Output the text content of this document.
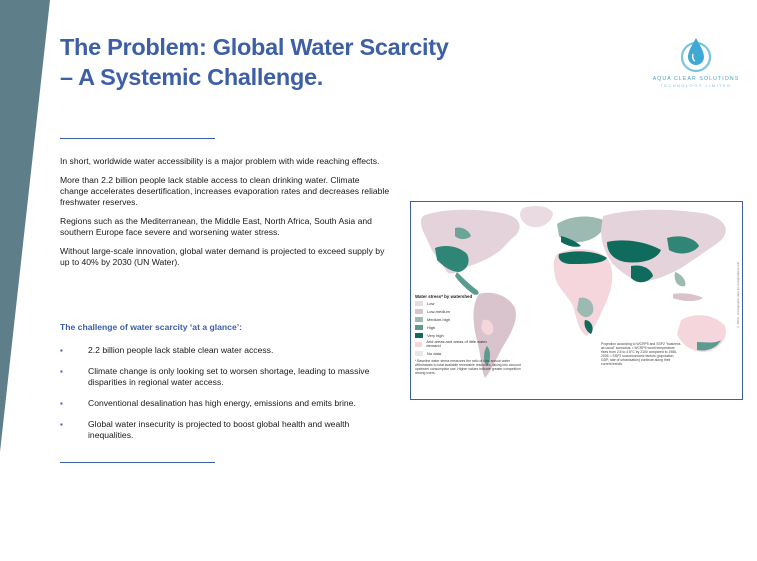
The Problem: Global Water Scarcity
– A Systemic Challenge.	AQUA CLEAR SOLUTIONS
TECHNOLOGY LIMITED

In short, worldwide water accessibility is a major problem with wide reaching effects.

More than 2.2 billion people lack stable access to clean drinking water. Climate change accelerates desertification, increases evaporation rates and decreases reliable freshwater reserves.

Regions such as the Mediterranean, the Middle East, North Africa, South Asia and southern Europe face severe and worsening water stress.

Without large-scale innovation, global water demand is projected to exceed supply by up to 40% by 2030 (UN Water).

The challenge of water scarcity ‘at a glance’:
▪	2.2 billion people lack stable clean water access.
▪	Climate change is only looking set to worsen shortage, leading to massive disparities in regional water access.
▪	Conventional desalination has high energy, emissions and emits brine.
▪	Global water insecurity is projected to boost global health and wealth inequalities.
Water stress* by watershed
Low
Low-medium
Medium-high
High
Very high
Arid areas and areas of little water demand
No data
* Baseline water stress measures the ratio of total annual water withdrawals to total available renewable resources, taking into account upstream consumptive use. Higher values indicate greater competition among users.
Projection according to WCRP5 and SSP2 "business as usual" scenarios: • WCRP5 world temperature rises from 2.6 to 4.8°C by 2100 compared to 1986-2005. • SSP2 socioeconomic factors (population, GDP, rate of urbanisation) continue along their current trends.
© 2019 - Cartographic data by cartographers unit
